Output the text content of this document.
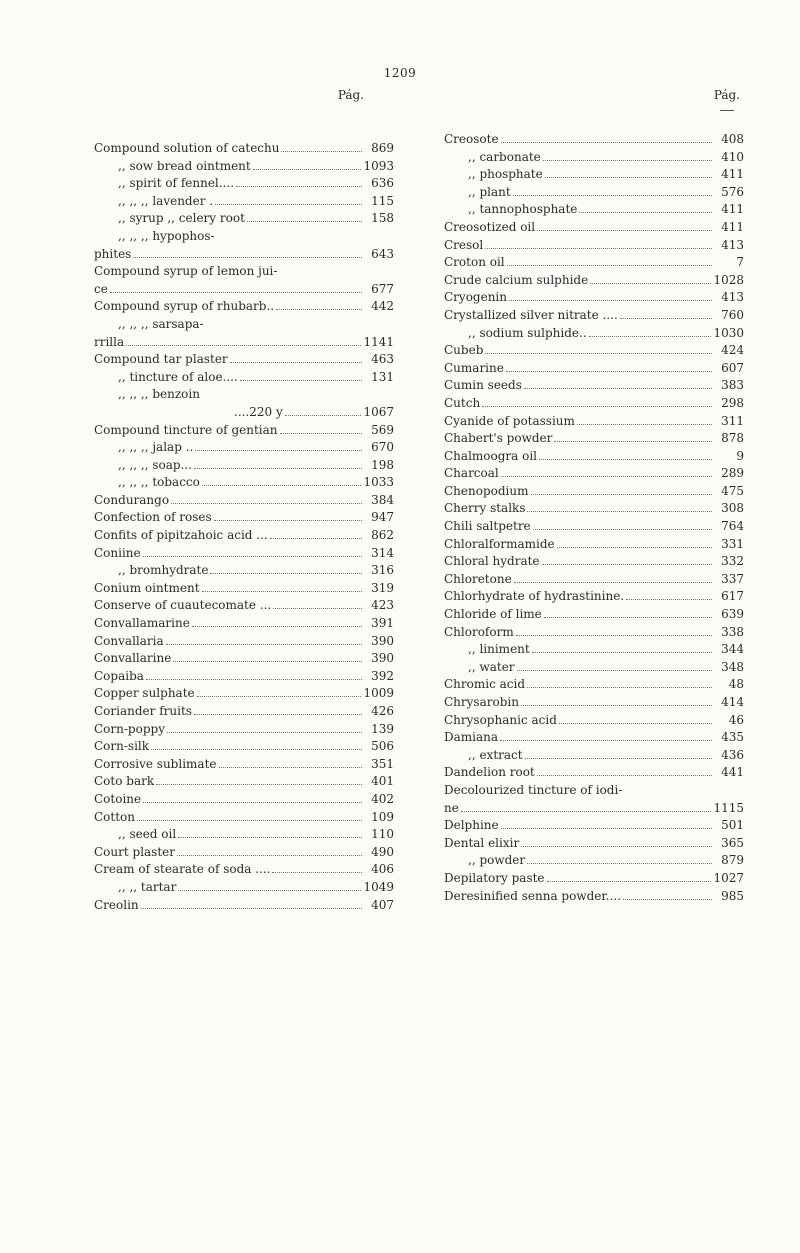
1209
Pág.
Compound solution of catechu	869
,, sow bread ointment	1093
,, spirit of fennel....	636
,, ,, ,, lavender .	115
,, syrup ,, celery root	158
,, ,, ,, hypophos-
phites	643
Compound syrup of lemon jui-
ce	677
Compound syrup of rhubarb..	442
,, ,, ,, sarsapa-
rrilla	1141
Compound tar plaster	463
,, tincture of aloe....	131
,, ,, ,, benzoin
....220 y	1067
Compound tincture of gentian	569
,, ,, ,, jalap ..	670
,, ,, ,, soap...	198
,, ,, ,, tobacco	1033
Condurango	384
Confection of roses	947
Confits of pipitzahoic acid ...	862
Coniine	314
,, bromhydrate	316
Conium ointment	319
Conserve of cuautecomate ...	423
Convallamarine	391
Convallaria	390
Convallarine	390
Copaiba	392
Copper sulphate	1009
Coriander fruits	426
Corn-poppy	139
Corn-silk	506
Corrosive sublimate	351
Coto bark	401
Cotoine	402
Cotton	109
,, seed oil	110
Court plaster	490
Cream of stearate of soda ....	406
,, ,, tartar	1049
Creolin	407
Pág.
Creosote	408
,, carbonate	410
,, phosphate	411
,, plant	576
,, tannophosphate	411
Creosotized oil	411
Cresol	413
Croton oil	7
Crude calcium sulphide	1028
Cryogenin	413
Crystallized silver nitrate ....	760
,, sodium sulphide..	1030
Cubeb	424
Cumarine	607
Cumin seeds	383
Cutch	298
Cyanide of potassium	311
Chabert's powder	878
Chalmoogra oil	9
Charcoal	289
Chenopodium	475
Cherry stalks	308
Chili saltpetre	764
Chloralformamide	331
Chloral hydrate	332
Chloretone	337
Chlorhydrate of hydrastinine.	617
Chloride of lime	639
Chloroform	338
,, liniment	344
,, water	348
Chromic acid	48
Chrysarobin	414
Chrysophanic acid	46
Damiana	435
,, extract	436
Dandelion root	441
Decolourized tincture of iodi-
ne	1115
Delphine	501
Dental elixir	365
,, powder	879
Depilatory paste	1027
Deresinified senna powder....	985
